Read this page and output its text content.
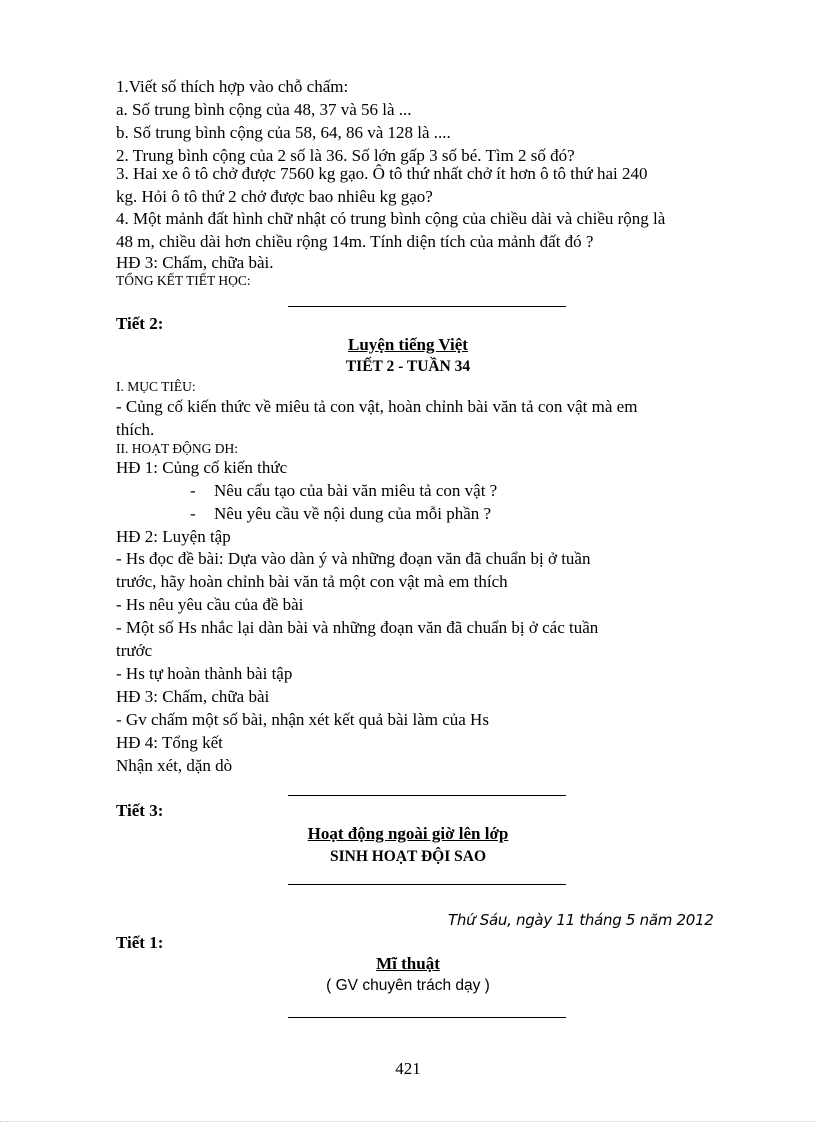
1.Viết số thích hợp vào chỗ chấm:
a. Số trung bình cộng của 48, 37 và 56 là ...
b. Số trung bình cộng của 58, 64, 86 và 128 là ....
2. Trung bình cộng của 2 số là 36. Số lớn gấp 3 số bé. Tìm 2 số đó?
3. Hai xe ô tô chở được 7560 kg gạo. Ô tô thứ nhất chở ít hơn ô tô thứ hai 240
kg. Hỏi ô tô thứ 2 chở được bao nhiêu kg gạo?
4. Một mảnh đất hình chữ nhật có trung bình cộng của chiều dài và chiều rộng là
48 m, chiều dài hơn chiều rộng 14m. Tính diện tích của mảnh đất đó ?
HĐ 3: Chấm, chữa bài.
TỔNG KẾT TIẾT HỌC:
Tiết 2:
Luyện tiếng Việt
TIẾT 2 - TUẦN 34
I. MỤC TIÊU:
- Củng cố kiến thức về miêu tả con vật, hoàn chỉnh bài văn tả con vật mà em
thích.
II. HOẠT ĐỘNG DH:
HĐ 1: Củng cố kiến thức
- Nêu cấu tạo của bài văn miêu tả con vật ?
- Nêu yêu cầu về nội dung của mỗi phần ?
HĐ 2: Luyện tập
- Hs đọc đề bài: Dựa vào dàn ý và những đoạn văn đã chuẩn bị ở tuần
trước, hãy hoàn chỉnh bài văn tả một con vật mà em thích
- Hs nêu yêu cầu của đề bài
- Một số Hs nhắc lại dàn bài và những đoạn văn đã chuẩn bị ở các tuần
trước
- Hs tự hoàn thành bài tập
HĐ 3: Chấm, chữa bài
- Gv chấm một số bài, nhận xét kết quả bài làm của Hs
HĐ 4: Tổng kết
Nhận xét, dặn dò
Tiết 3:
Hoạt động ngoài giờ lên lớp
SINH HOẠT ĐỘI SAO
Thứ Sáu, ngày 11 tháng 5 năm 2012
Tiết 1:
Mĩ thuật
( GV chuyên trách dạy )
421
